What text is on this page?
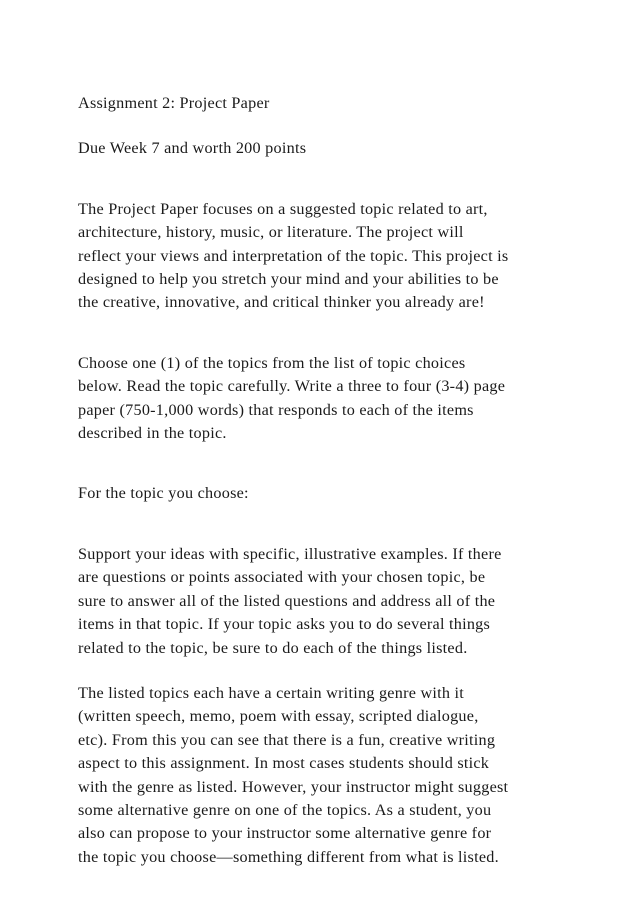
Assignment 2: Project Paper
Due Week 7 and worth 200 points
The Project Paper focuses on a suggested topic related to art,
architecture, history, music, or literature. The project will
reflect your views and interpretation of the topic. This project is
designed to help you stretch your mind and your abilities to be
the creative, innovative, and critical thinker you already are!
Choose one (1) of the topics from the list of topic choices
below. Read the topic carefully. Write a three to four (3-4) page
paper (750-1,000 words) that responds to each of the items
described in the topic.
For the topic you choose:
Support your ideas with specific, illustrative examples. If there
are questions or points associated with your chosen topic, be
sure to answer all of the listed questions and address all of the
items in that topic. If your topic asks you to do several things
related to the topic, be sure to do each of the things listed.
The listed topics each have a certain writing genre with it
(written speech, memo, poem with essay, scripted dialogue,
etc). From this you can see that there is a fun, creative writing
aspect to this assignment. In most cases students should stick
with the genre as listed. However, your instructor might suggest
some alternative genre on one of the topics. As a student, you
also can propose to your instructor some alternative genre for
the topic you choose—something different from what is listed.
